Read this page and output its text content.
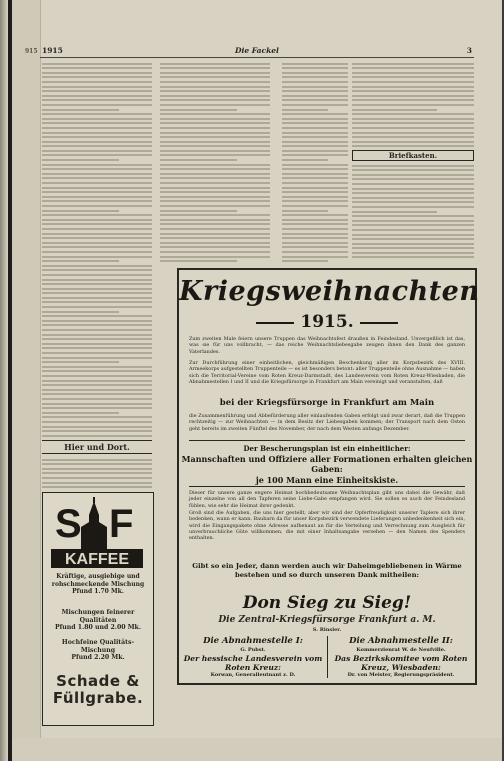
915 1915	Die Fackel	3
Hier und Dort.
Briefkasten.
F
KAFFEE
S
Kräftige, ausgiebige und rohschmeckende Mischung
Pfund 1.70 Mk.
Mischungen feinerer Qualitäten
Pfund 1.80 und 2.00 Mk.
Hochfeine Qualitäts-Mischung
Pfund 2.20 Mk.
Schade &
Füllgrabe.
Kriegsweihnachten
1915.
Zum zweiten Male feiern unsere Truppen das Weihnachtsfest draußen in Feindesland. Unvergeßlich ist das, was sie für uns vollbracht, — das reiche Weihnachtsliebesgabe zeugen ihnen den Dank des ganzen Vaterlandes.
Zur Durchführung einer einheitlichen, gleichmäßigen Beschenkung aller im Korpsbezirk des XVIII. Armeekorps aufgestellten Truppenteile — es ist besonders betont: aller Truppenteile ohne Ausnahme — haben sich die Territorial-Vereine vom Roten Kreuz-Darmstadt, des Landesverein vom Roten Kreuz-Wiesbaden, die Abnahmestellen I und II und die Kriegsfürsorge in Frankfurt am Main vereinigt und veranstalten, daß
bei der Kriegsfürsorge in Frankfurt am Main
die Zusammenführung und Abbefürderung aller einlaufenden Gaben erfolgt und zwar derart, daß die Truppen rechtzeitig — zur Weihnachten — in dem Besitz der Liebesgaben kommen; der Transport nach dem Osten geht bereits im zweiten Fünftel des November, der nach dem Westen anfangs Dezember.
Der Bescherungsplan ist ein einheitlicher:
Mannschaften und Offiziere aller Formationen erhalten gleichen Gaben:
je 100 Mann eine Einheitskiste.
Dieser für unsere ganze engere Heimat hochbedeutsame Weihnachtsplan gibt uns dabei die Gewähr, daß jeder einzelne von all den Tapferen seine Liebe-Gabe empfangen wird. Sie sollen es auch der Feindesland fühlen, wie sehr die Heimat ihrer gedenkt.
Groß sind die Aufgaben, die uns hier gestellt, aber wir sind der Opferfreudigkeit unserer Taplere sich ihrer bedenken, wann er kann. Baubarn da für unser Korpsbezirk verwendete Lieferungen unbedenkenheit sich ein, wird die Eingangspakete ohne Adresse aufbenaut an für die Verteilung und Verrechnung zum Ausgleich für unverbrauchliche Güte willkommen, die mit einer Inhaltsangabe versehen — den Namen des Spenders enthalten.
Gibt so ein Jeder, dann werden auch wir Daheimgebliebenen in Wärme bestehen und so durch unseren Dank mitheilen:
Don Sieg zu Sieg!
Die Zentral-Kriegsfürsorge Frankfurt a. M.
S. Rinsler.
Die Abnahmestelle I:
G. Pubst.
Der hessische Landesverein vom Roten Kreuz:
Korwan, Generalleutnant z. D.
Die Abnahmestelle II:
Kommerzienrat W. de Neufville.
Das Bezirkskomitee vom Roten Kreuz, Wiesbaden:
Dr. von Meister, Regierungspräsident.
